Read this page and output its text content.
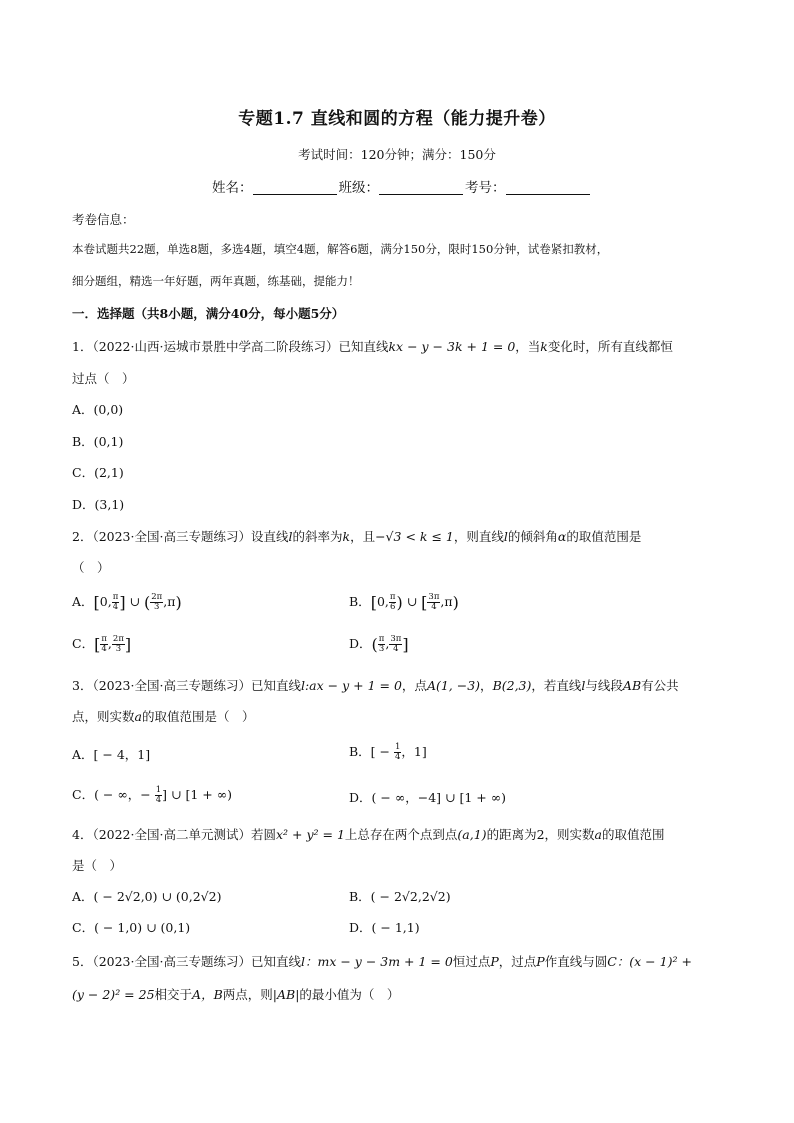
专题1.7 直线和圆的方程（能力提升卷）
考试时间：120分钟；满分：150分
姓名：	班级：	考号：
考卷信息：
本卷试题共22题，单选8题，多选4题，填空4题，解答6题，满分150分，限时150分钟，试卷紧扣教材，
细分题组，精选一年好题，两年真题，练基础，提能力！
一．选择题（共8小题，满分40分，每小题5分）
1．（2022·山西·运城市景胜中学高二阶段练习）已知直线kx − y − 3k + 1 = 0，当k变化时，所有直线都恒
过点（　）
A．(0,0)
B．(0,1)
C．(2,1)
D．(3,1)
2．（2023·全国·高三专题练习）设直线l的斜率为k，且−√3 < k ≤ 1，则直线l的倾斜角α的取值范围是
（　）
A．[0, $\frac{\pi}{4}$ ] ∪ ( $\frac{2\pi}{3} ,\pi$)	B．[0, $\frac{\pi}{6}$ ) ∪ [ $\frac{3\pi}{4} ,\pi$)
C．[ $\frac{\pi}{4}$ , $\frac{2\pi}{3}$ ]	D．( $\frac{\pi}{3}$ , $\frac{3\pi}{4}$ ]
3．（2023·全国·高三专题练习）已知直线l:ax − y + 1 = 0，点A(1, −3)，B(2,3)，若直线l与线段AB有公共
点，则实数a的取值范围是（　）
A．[ − 4，1]	B．[ − $\frac{1}{4}$ ，1]
C．( − ∞，− $\frac{1}{4}$ ] ∪ [1 + ∞)	D．( − ∞，−4] ∪ [1 + ∞)
4．（2022·全国·高二单元测试）若圆x² + y² = 1上总存在两个点到点(a,1)的距离为2，则实数a的取值范围
是（　）
A．( − 2√2,0) ∪ (0,2√2)	B．( − 2√2,2√2)
C．( − 1,0) ∪ (0,1)	D．( − 1,1)
5．（2023·全国·高三专题练习）已知直线l：mx − y − 3m + 1 = 0恒过点P，过点P作直线与圆C：(x − 1)² +
(y − 2)² = 25相交于A，B两点，则|AB|的最小值为（　）
